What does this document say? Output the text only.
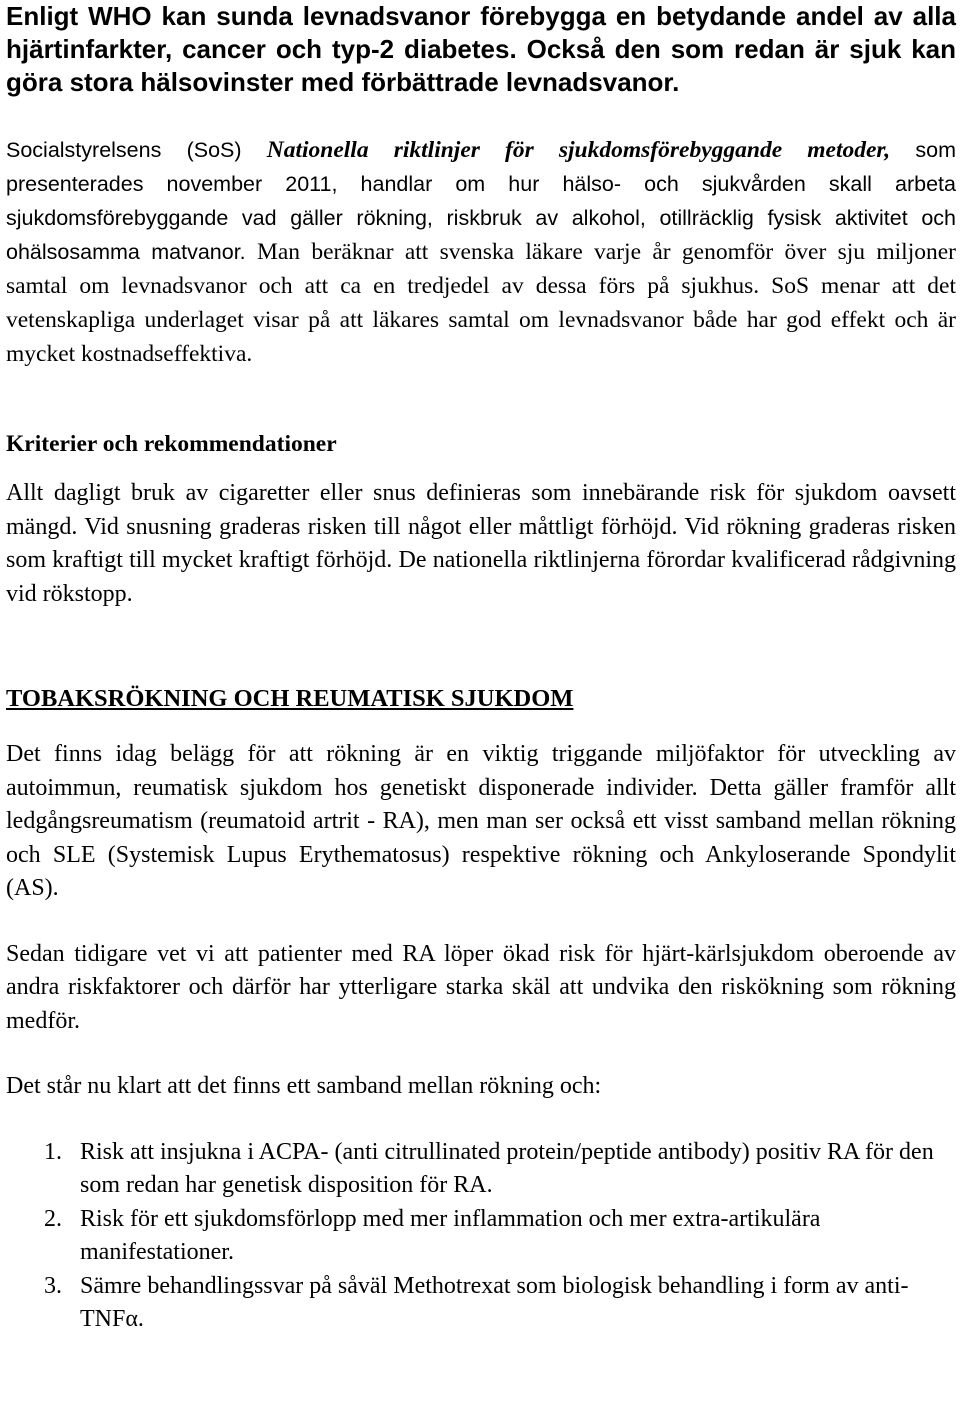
Enligt WHO kan sunda levnadsvanor förebygga en betydande andel av alla hjärtinfarkter, cancer och typ-2 diabetes. Också den som redan är sjuk kan göra stora hälsovinster med förbättrade levnadsvanor.

Socialstyrelsens (SoS) Nationella riktlinjer för sjukdomsförebyggande metoder, som presenterades november 2011, handlar om hur hälso- och sjukvården skall arbeta sjukdomsförebyggande vad gäller rökning, riskbruk av alkohol, otillräcklig fysisk aktivitet och ohälsosamma matvanor. Man beräknar att svenska läkare varje år genomför över sju miljoner samtal om levnadsvanor och att ca en tredjedel av dessa förs på sjukhus. SoS menar att det vetenskapliga underlaget visar på att läkares samtal om levnadsvanor både har god effekt och är mycket kostnadseffektiva.

Kriterier och rekommendationer

Allt dagligt bruk av cigaretter eller snus definieras som innebärande risk för sjukdom oavsett mängd. Vid snusning graderas risken till något eller måttligt förhöjd. Vid rökning graderas risken som kraftigt till mycket kraftigt förhöjd. De nationella riktlinjerna förordar kvalificerad rådgivning vid rökstopp.

TOBAKSRÖKNING OCH REUMATISK SJUKDOM

Det finns idag belägg för att rökning är en viktig triggande miljöfaktor för utveckling av autoimmun, reumatisk sjukdom hos genetiskt disponerade individer. Detta gäller framför allt ledgångsreumatism (reumatoid artrit - RA), men man ser också ett visst samband mellan rökning och SLE (Systemisk Lupus Erythematosus) respektive rökning och Ankyloserande Spondylit (AS).

Sedan tidigare vet vi att patienter med RA löper ökad risk för hjärt-kärlsjukdom oberoende av andra riskfaktorer och därför har ytterligare starka skäl att undvika den riskökning som rökning medför.

Det står nu klart att det finns ett samband mellan rökning och:

1. Risk att insjukna i ACPA- (anti citrullinated protein/peptide antibody) positiv RA för den som redan har genetisk disposition för RA.
2. Risk för ett sjukdomsförlopp med mer inflammation och mer extra-artikulära manifestationer.
3. Sämre behandlingssvar på såväl Methotrexat som biologisk behandling i form av anti-TNFα.
